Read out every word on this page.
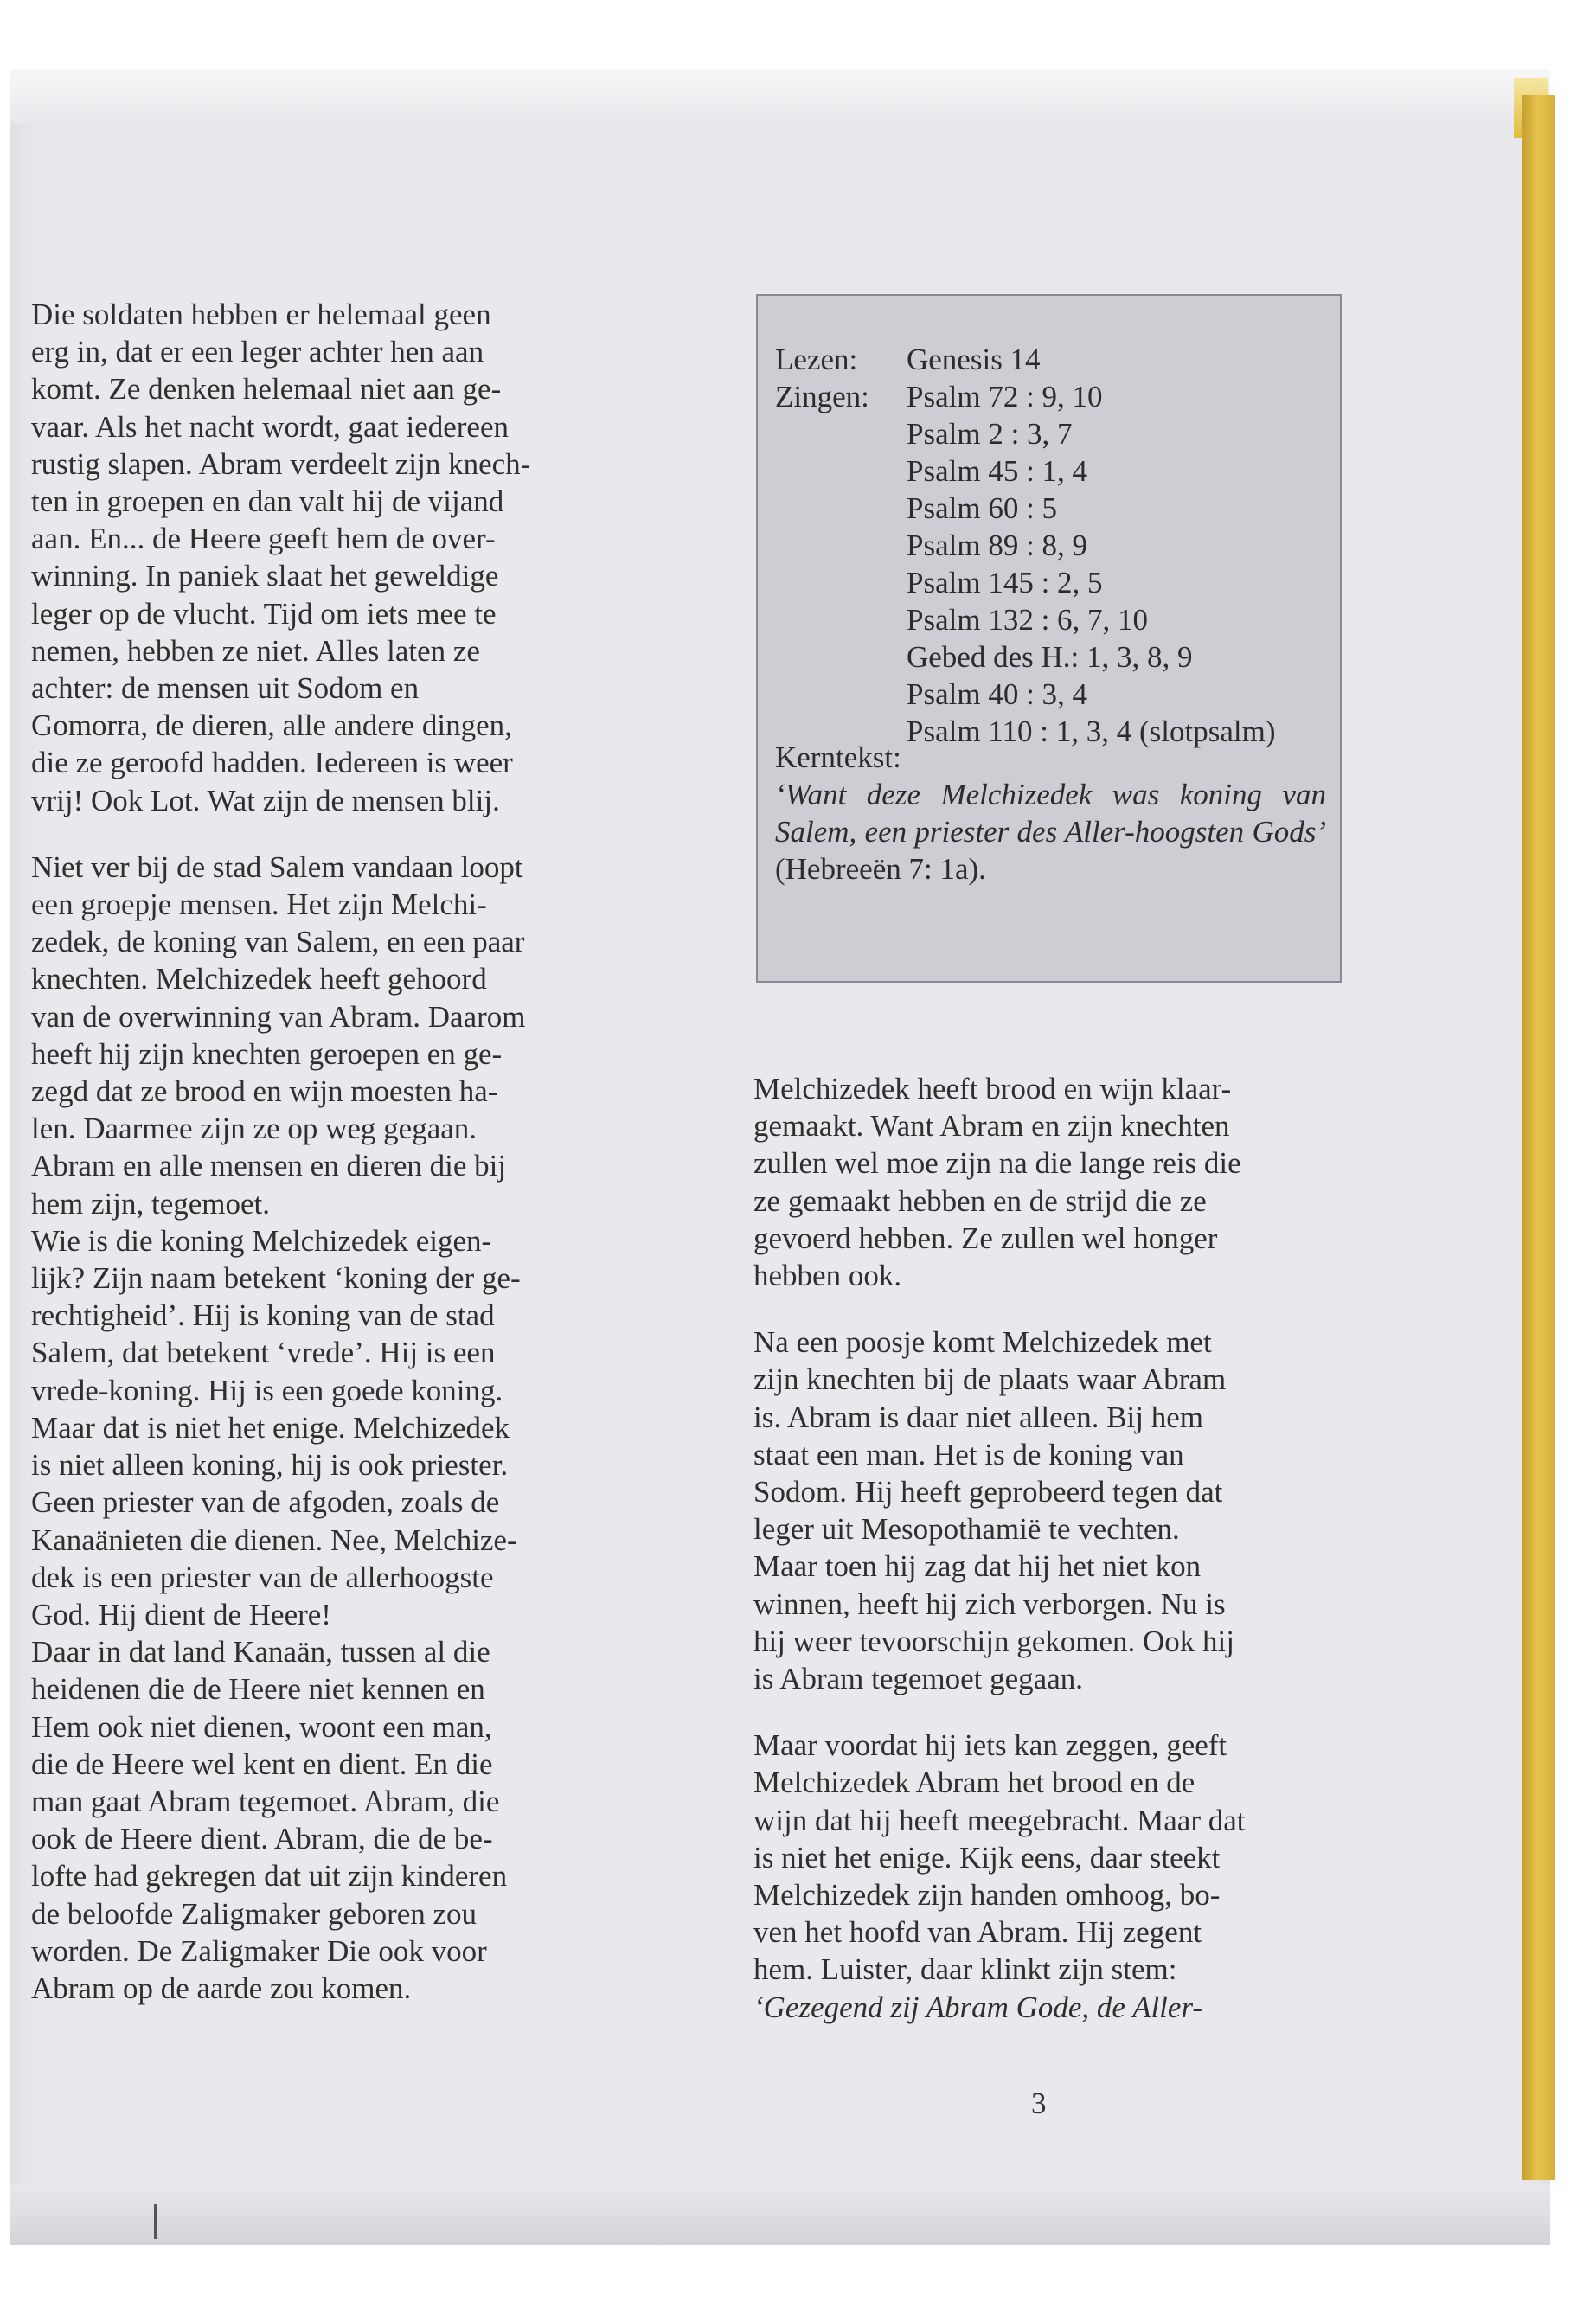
Die soldaten hebben er helemaal geen
erg in, dat er een leger achter hen aan
komt. Ze denken helemaal niet aan ge-
vaar. Als het nacht wordt, gaat iedereen
rustig slapen. Abram verdeelt zijn knech-
ten in groepen en dan valt hij de vijand
aan. En... de Heere geeft hem de over-
winning. In paniek slaat het geweldige
leger op de vlucht. Tijd om iets mee te
nemen, hebben ze niet. Alles laten ze
achter: de mensen uit Sodom en
Gomorra, de dieren, alle andere dingen,
die ze geroofd hadden. Iedereen is weer
vrij! Ook Lot. Wat zijn de mensen blij.

Niet ver bij de stad Salem vandaan loopt
een groepje mensen. Het zijn Melchi-
zedek, de koning van Salem, en een paar
knechten. Melchizedek heeft gehoord
van de overwinning van Abram. Daarom
heeft hij zijn knechten geroepen en ge-
zegd dat ze brood en wijn moesten ha-
len. Daarmee zijn ze op weg gegaan.
Abram en alle mensen en dieren die bij
hem zijn, tegemoet.
Wie is die koning Melchizedek eigen-
lijk? Zijn naam betekent ‘koning der ge-
rechtigheid’. Hij is koning van de stad
Salem, dat betekent ‘vrede’. Hij is een
vrede-koning. Hij is een goede koning.
Maar dat is niet het enige. Melchizedek
is niet alleen koning, hij is ook priester.
Geen priester van de afgoden, zoals de
Kanaänieten die dienen. Nee, Melchize-
dek is een priester van de allerhoogste
God. Hij dient de Heere!
Daar in dat land Kanaän, tussen al die
heidenen die de Heere niet kennen en
Hem ook niet dienen, woont een man,
die de Heere wel kent en dient. En die
man gaat Abram tegemoet. Abram, die
ook de Heere dient. Abram, die de be-
lofte had gekregen dat uit zijn kinderen
de beloofde Zaligmaker geboren zou
worden. De Zaligmaker Die ook voor
Abram op de aarde zou komen.

Lezen: Genesis 14
Zingen:	Psalm 72 : 9, 10
Psalm 2 : 3, 7
Psalm 45 : 1, 4
Psalm 60 : 5
Psalm 89 : 8, 9
Psalm 145 : 2, 5
Psalm 132 : 6, 7, 10
Gebed des H.: 1, 3, 8, 9
Psalm 40 : 3, 4
Psalm 110 : 1, 3, 4 (slotpsalm)
Kerntekst:
‘Want deze Melchizedek was koning van Salem, een priester des Aller-hoogsten Gods’ (Hebreeën 7: 1a).

Melchizedek heeft brood en wijn klaar-
gemaakt. Want Abram en zijn knechten
zullen wel moe zijn na die lange reis die
ze gemaakt hebben en de strijd die ze
gevoerd hebben. Ze zullen wel honger
hebben ook.

Na een poosje komt Melchizedek met
zijn knechten bij de plaats waar Abram
is. Abram is daar niet alleen. Bij hem
staat een man. Het is de koning van
Sodom. Hij heeft geprobeerd tegen dat
leger uit Mesopothamië te vechten.
Maar toen hij zag dat hij het niet kon
winnen, heeft hij zich verborgen. Nu is
hij weer tevoorschijn gekomen. Ook hij
is Abram tegemoet gegaan.

Maar voordat hij iets kan zeggen, geeft
Melchizedek Abram het brood en de
wijn dat hij heeft meegebracht. Maar dat
is niet het enige. Kijk eens, daar steekt
Melchizedek zijn handen omhoog, bo-
ven het hoofd van Abram. Hij zegent
hem. Luister, daar klinkt zijn stem:
‘Gezegend zij Abram Gode, de Aller-

3
